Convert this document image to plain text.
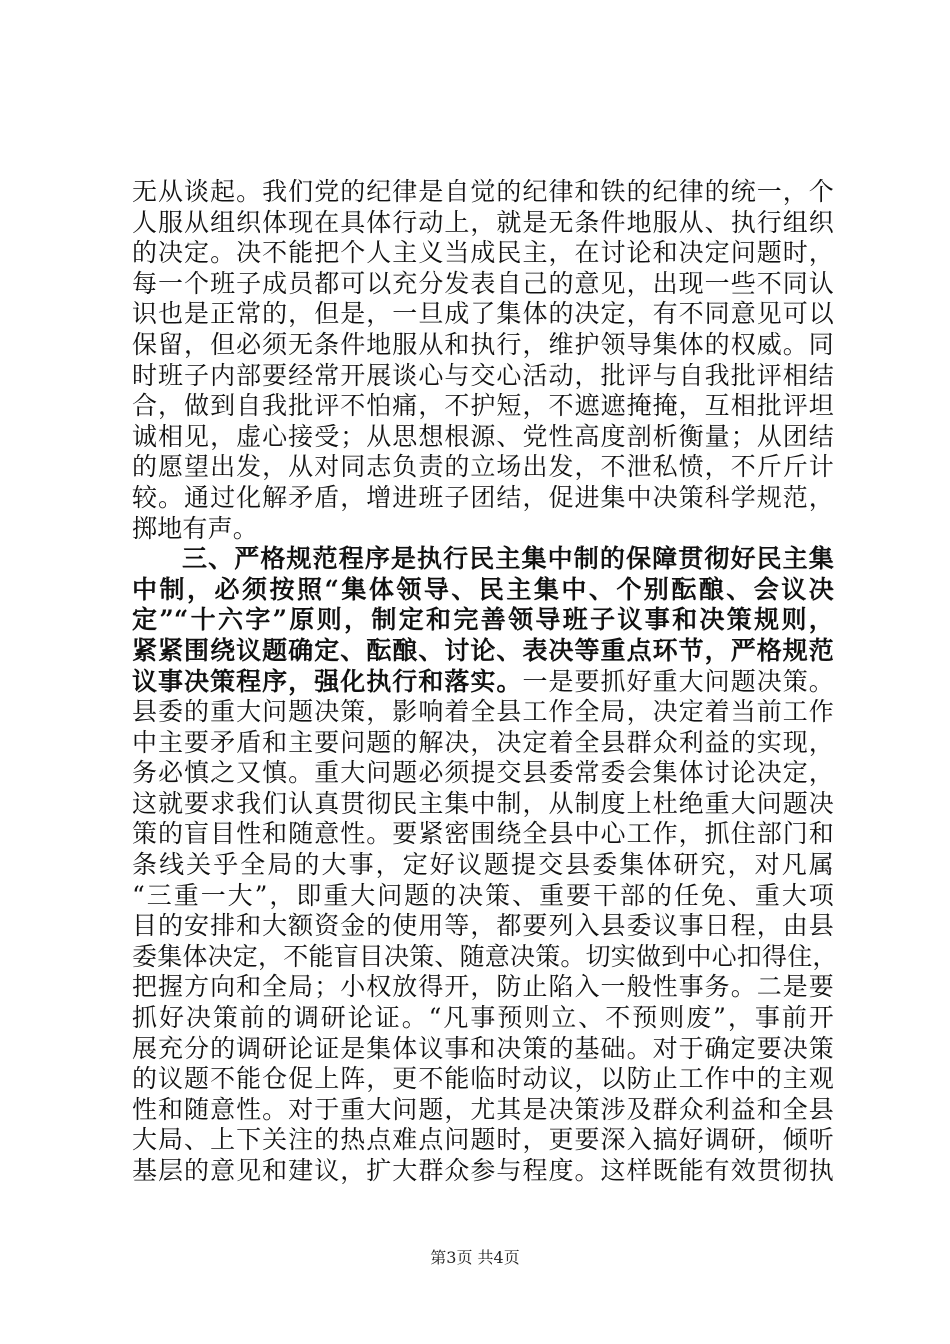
无从谈起。我们党的纪律是自觉的纪律和铁的纪律的统一，个
人服从组织体现在具体行动上，就是无条件地服从、执行组织
的决定。决不能把个人主义当成民主，在讨论和决定问题时，
每一个班子成员都可以充分发表自己的意见，出现一些不同认
识也是正常的，但是，一旦成了集体的决定，有不同意见可以
保留，但必须无条件地服从和执行，维护领导集体的权威。同
时班子内部要经常开展谈心与交心活动，批评与自我批评相结
合，做到自我批评不怕痛，不护短，不遮遮掩掩，互相批评坦
诚相见，虚心接受；从思想根源、党性高度剖析衡量；从团结
的愿望出发，从对同志负责的立场出发，不泄私愤，不斤斤计
较。通过化解矛盾，增进班子团结，促进集中决策科学规范，
掷地有声。
三、严格规范程序是执行民主集中制的保障贯彻好民主集
中制，必须按照“集体领导、民主集中、个别酝酿、会议决
定”“十六字”原则，制定和完善领导班子议事和决策规则，
紧紧围绕议题确定、酝酿、讨论、表决等重点环节，严格规范
议事决策程序，强化执行和落实。一是要抓好重大问题决策。
县委的重大问题决策，影响着全县工作全局，决定着当前工作
中主要矛盾和主要问题的解决，决定着全县群众利益的实现，
务必慎之又慎。重大问题必须提交县委常委会集体讨论决定，
这就要求我们认真贯彻民主集中制，从制度上杜绝重大问题决
策的盲目性和随意性。要紧密围绕全县中心工作，抓住部门和
条线关乎全局的大事，定好议题提交县委集体研究，对凡属
“三重一大”，即重大问题的决策、重要干部的任免、重大项
目的安排和大额资金的使用等，都要列入县委议事日程，由县
委集体决定，不能盲目决策、随意决策。切实做到中心扣得住，
把握方向和全局；小权放得开，防止陷入一般性事务。二是要
抓好决策前的调研论证。“凡事预则立、不预则废”，事前开
展充分的调研论证是集体议事和决策的基础。对于确定要决策
的议题不能仓促上阵，更不能临时动议，以防止工作中的主观
性和随意性。对于重大问题，尤其是决策涉及群众利益和全县
大局、上下关注的热点难点问题时，更要深入搞好调研，倾听
基层的意见和建议，扩大群众参与程度。这样既能有效贯彻执
第3页 共4页
